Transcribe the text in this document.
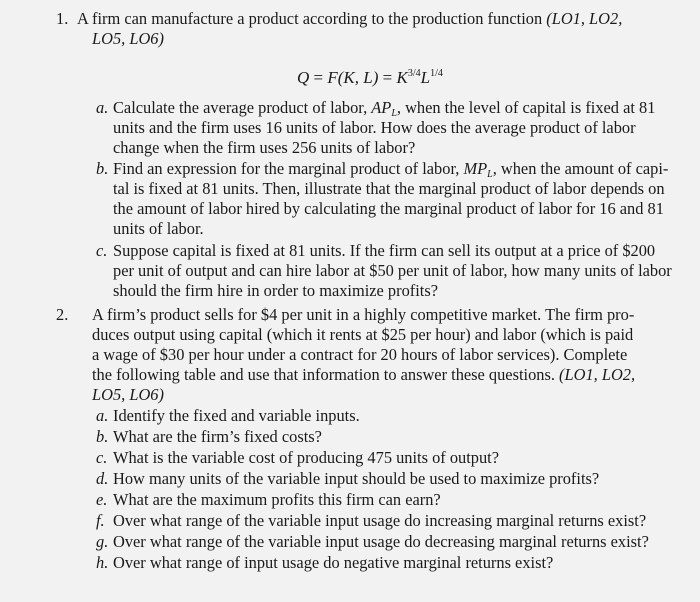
1. A firm can manufacture a product according to the production function (LO1, LO2,
LO5, LO6)
Q = F(K, $L) = K^{3/4}L^{1/4}$
a. Calculate the average product of labor, $AP_L$, when the level of capital is fixed at 81
units and the firm uses 16 units of labor. How does the average product of labor
change when the firm uses 256 units of labor?
b. Find an expression for the marginal product of labor, $MP_L$, when the amount of capi-
tal is fixed at 81 units. Then, illustrate that the marginal product of labor depends on
the amount of labor hired by calculating the marginal product of labor for 16 and 81
units of labor.
c. Suppose capital is fixed at 81 units. If the firm can sell its output at a price of $200
per unit of output and can hire labor at $50 per unit of labor, how many units of labor
should the firm hire in order to maximize profits?
2. A firm’s product sells for $4 per unit in a highly competitive market. The firm pro-
duces output using capital (which it rents at $25 per hour) and labor (which is paid
a wage of $30 per hour under a contract for 20 hours of labor services). Complete
the following table and use that information to answer these questions. (LO1, LO2,
LO5, LO6)
a. Identify the fixed and variable inputs.
b. What are the firm’s fixed costs?
c. What is the variable cost of producing 475 units of output?
d. How many units of the variable input should be used to maximize profits?
e. What are the maximum profits this firm can earn?
f. Over what range of the variable input usage do increasing marginal returns exist?
g. Over what range of the variable input usage do decreasing marginal returns exist?
h. Over what range of input usage do negative marginal returns exist?
